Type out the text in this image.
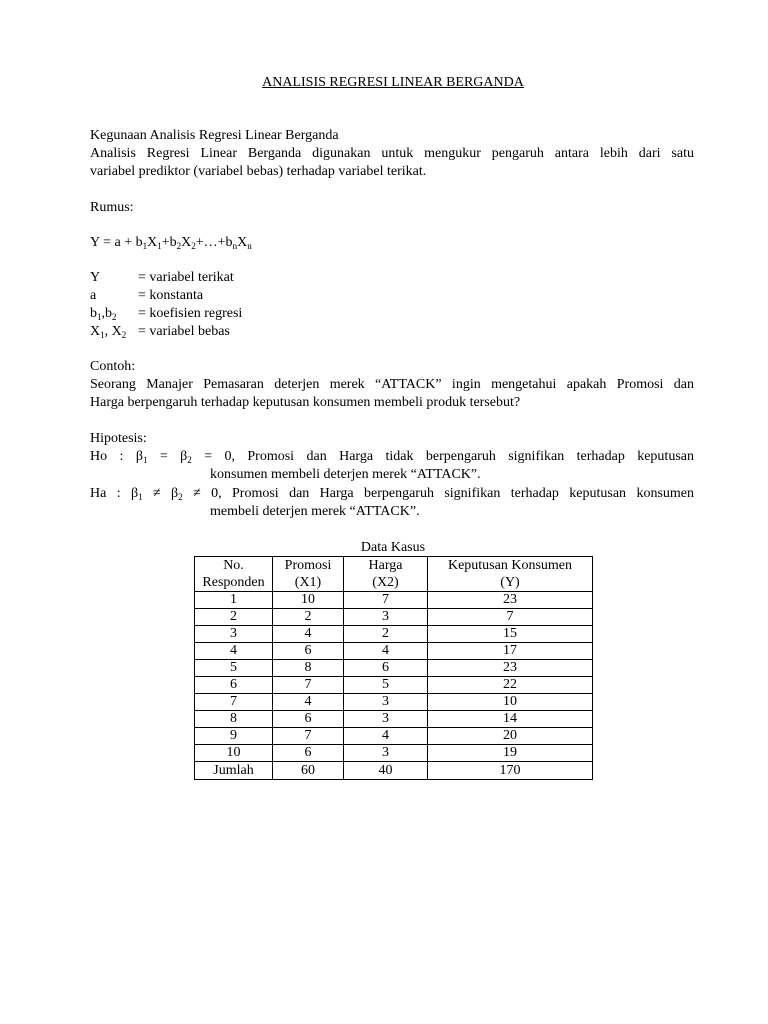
ANALISIS REGRESI LINEAR BERGANDA
Kegunaan Analisis Regresi Linear Berganda
Analisis Regresi Linear Berganda digunakan untuk mengukur pengaruh antara lebih dari satu
variabel prediktor (variabel bebas) terhadap variabel terikat.
Rumus:
$Y = a + b_1X_1+b_2X_2+\dots+b_nX_n$
Y	= variabel terikat
a	= konstanta
$b_1,b_2$ = koefisien regresi
$X_1$, $X_2$ = variabel bebas
Contoh:
Seorang Manajer Pemasaran deterjen merek “ATTACK” ingin mengetahui apakah Promosi dan
Harga berpengaruh terhadap keputusan konsumen membeli produk tersebut?
Hipotesis:
Ho : $\beta_1 = \beta_2 = 0$, Promosi dan Harga tidak berpengaruh signifikan terhadap keputusan
konsumen membeli deterjen merek “ATTACK”.
Ha : $\beta_1 \ne \beta_2 \ne 0$, Promosi dan Harga berpengaruh signifikan terhadap keputusan konsumen
membeli deterjen merek “ATTACK”.
Data Kasus
No.	Promosi	Harga	Keputusan Konsumen
Responden	(X1)	(X2)	(Y)
1	10	7	23
2	2	3	7
3	4	2	15
4	6	4	17
5	8	6	23
6	7	5	22
7	4	3	10
8	6	3	14
9	7	4	20
10	6	3	19
Jumlah	60	40	170
